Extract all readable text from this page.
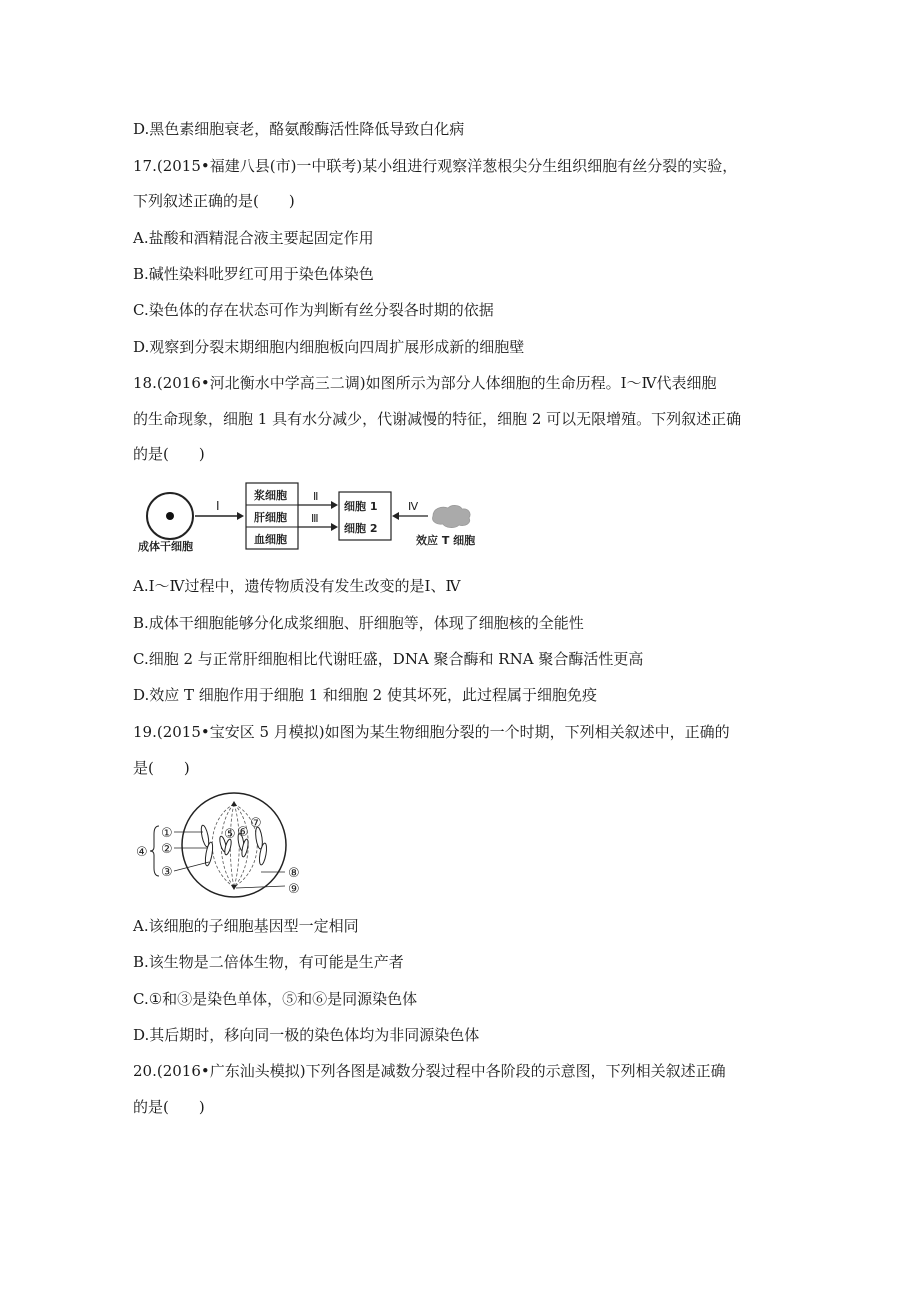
D.黑色素细胞衰老，酪氨酸酶活性降低导致白化病
17.(2015•福建八县(市)一中联考)某小组进行观察洋葱根尖分生组织细胞有丝分裂的实验，
下列叙述正确的是(　　)
A.盐酸和酒精混合液主要起固定作用
B.碱性染料吡罗红可用于染色体染色
C.染色体的存在状态可作为判断有丝分裂各时期的依据
D.观察到分裂末期细胞内细胞板向四周扩展形成新的细胞壁
18.(2016•河北衡水中学高三二调)如图所示为部分人体细胞的生命历程。Ⅰ～Ⅳ代表细胞
的生命现象，细胞 1 具有水分减少，代谢减慢的特征，细胞 2 可以无限增殖。下列叙述正确
的是(　　)
成体干细胞
Ⅰ
浆细胞
肝细胞
血细胞
Ⅱ
Ⅲ
细胞 1
细胞 2
Ⅳ
效应 T 细胞
A.Ⅰ～Ⅳ过程中，遗传物质没有发生改变的是Ⅰ、Ⅳ
B.成体干细胞能够分化成浆细胞、肝细胞等，体现了细胞核的全能性
C.细胞 2 与正常肝细胞相比代谢旺盛，DNA 聚合酶和 RNA 聚合酶活性更高
D.效应 T 细胞作用于细胞 1 和细胞 2 使其坏死，此过程属于细胞免疫
19.(2015•宝安区 5 月模拟)如图为某生物细胞分裂的一个时期，下列相关叙述中，正确的
是(　　)
①
②
③
④
⑤ ⑥
⑦
⑧
⑨
A.该细胞的子细胞基因型一定相同
B.该生物是二倍体生物，有可能是生产者
C.①和③是染色单体，⑤和⑥是同源染色体
D.其后期时，移向同一极的染色体均为非同源染色体
20.(2016•广东汕头模拟)下列各图是减数分裂过程中各阶段的示意图，下列相关叙述正确
的是(　　)
